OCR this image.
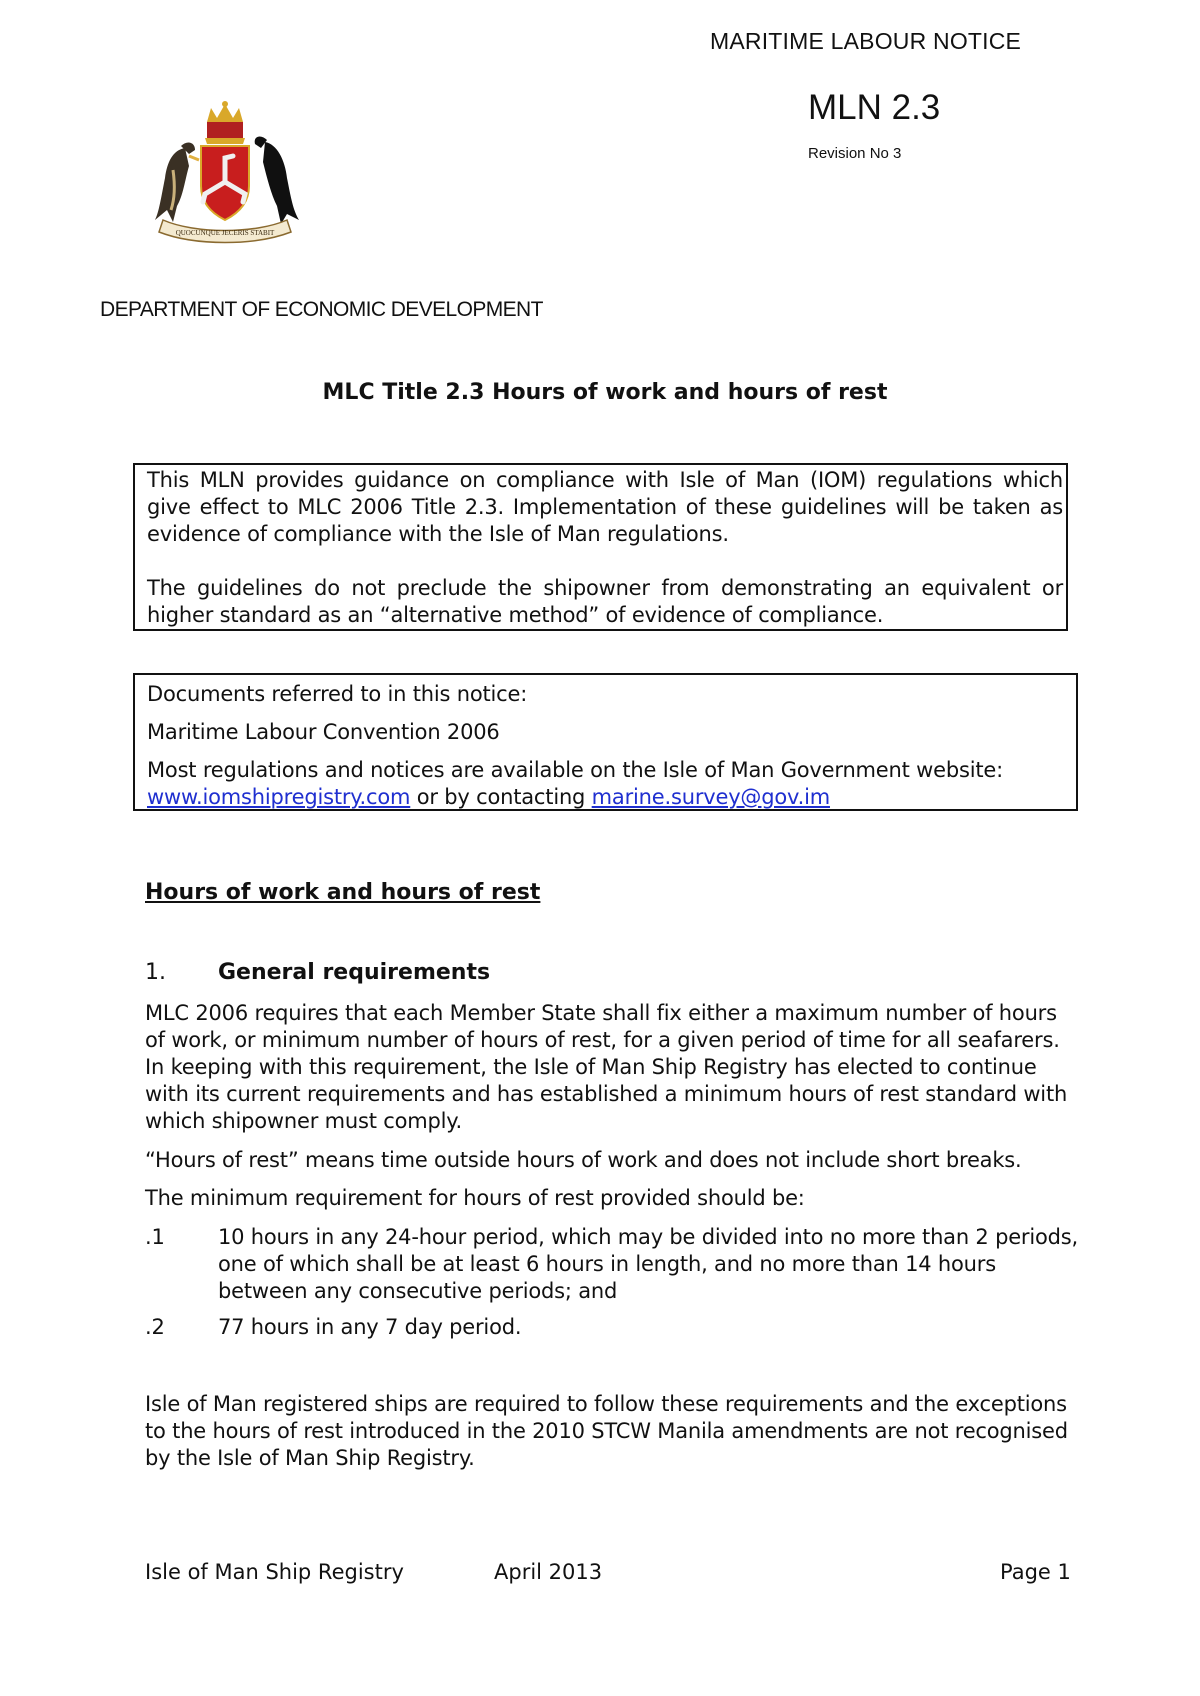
MARITIME LABOUR NOTICE
MLN 2.3
Revision No 3
QUOCUNQUE JECERIS STABIT
DEPARTMENT OF ECONOMIC DEVELOPMENT
MLC Title 2.3 Hours of work and hours of rest

This MLN provides guidance on compliance with Isle of Man (IOM) regulations which give effect to MLC 2006 Title 2.3. Implementation of these guidelines will be taken as evidence of compliance with the Isle of Man regulations.

The guidelines do not preclude the shipowner from demonstrating an equivalent or higher standard as an “alternative method” of evidence of compliance.

Documents referred to in this notice:

Maritime Labour Convention 2006

Most regulations and notices are available on the Isle of Man Government website:
www.iomshipregistry.com or by contacting marine.survey@gov.im

Hours of work and hours of rest
1. General requirements

MLC 2006 requires that each Member State shall fix either a maximum number of hours of work, or minimum number of hours of rest, for a given period of time for all seafarers. In keeping with this requirement, the Isle of Man Ship Registry has elected to continue with its current requirements and has established a minimum hours of rest standard with which shipowner must comply.

“Hours of rest” means time outside hours of work and does not include short breaks.

The minimum requirement for hours of rest provided should be:

.1	10 hours in any 24-hour period, which may be divided into no more than 2 periods, one of which shall be at least 6 hours in length, and no more than 14 hours between any consecutive periods; and

.2	77 hours in any 7 day period.

Isle of Man registered ships are required to follow these requirements and the exceptions to the hours of rest introduced in the 2010 STCW Manila amendments are not recognised by the Isle of Man Ship Registry.

Isle of Man Ship Registry	April 2013	Page 1
